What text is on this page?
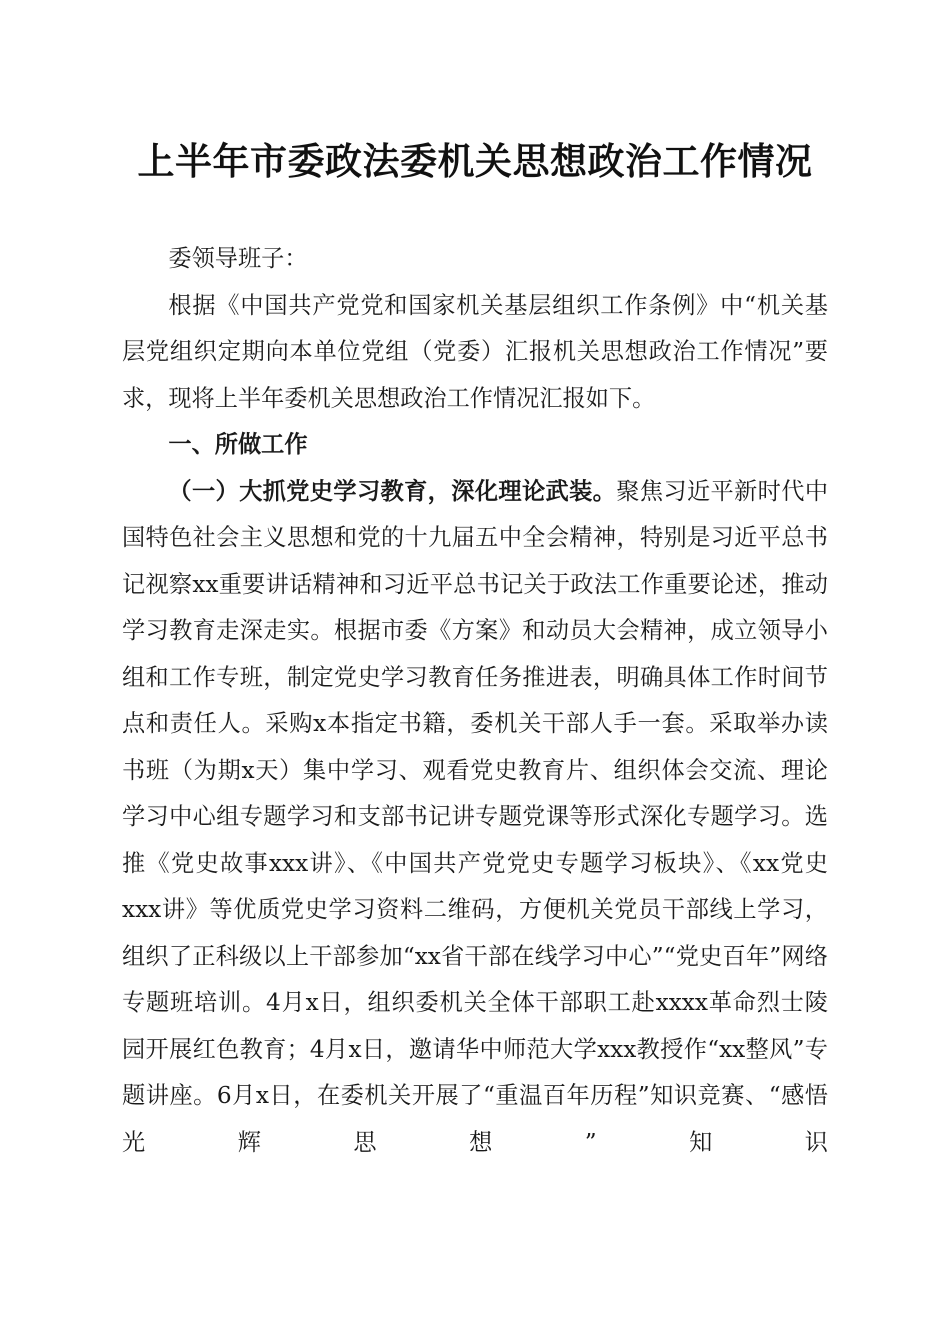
上半年市委政法委机关思想政治工作情况

委领导班子：

根据《中国共产党党和国家机关基层组织工作条例》中“机关基层党组织定期向本单位党组（党委）汇报机关思想政治工作情况”要求，现将上半年委机关思想政治工作情况汇报如下。

一、所做工作

（一）大抓党史学习教育，深化理论武装。聚焦习近平新时代中国特色社会主义思想和党的十九届五中全会精神，特别是习近平总书记视察xx重要讲话精神和习近平总书记关于政法工作重要论述，推动学习教育走深走实。根据市委《方案》和动员大会精神，成立领导小组和工作专班，制定党史学习教育任务推进表，明确具体工作时间节点和责任人。采购x本指定书籍，委机关干部人手一套。采取举办读书班（为期x天）集中学习、观看党史教育片、组织体会交流、理论学习中心组专题学习和支部书记讲专题党课等形式深化专题学习。选推《党史故事xxx讲》、《中国共产党党史专题学习板块》、《xx党史xxx讲》等优质党史学习资料二维码，方便机关党员干部线上学习，组织了正科级以上干部参加“xx省干部在线学习中心”“党史百年”网络专题班培训。4月x日，组织委机关全体干部职工赴xxxx革命烈士陵园开展红色教育；4月x日，邀请华中师范大学xxx教授作“xx整风”专题讲座。6月x日，在委机关开展了“重温百年历程”知识竞赛、“感悟光辉思想”知识
